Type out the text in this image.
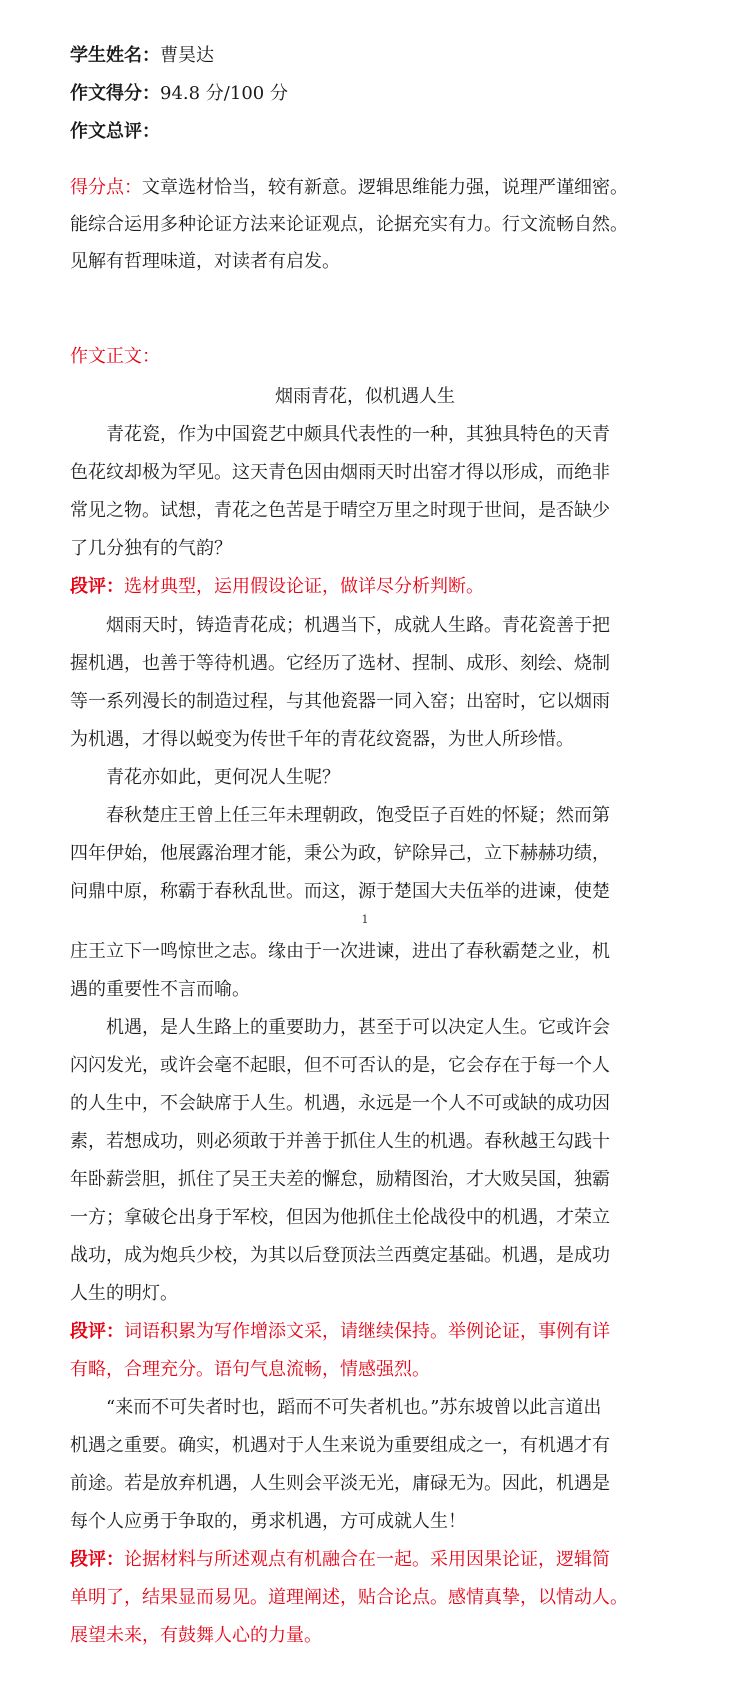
学生姓名：曹昊达
作文得分：94.8 分/100 分
作文总评：
得分点：文章选材恰当，较有新意。逻辑思维能力强，说理严谨细密。
能综合运用多种论证方法来论证观点，论据充实有力。行文流畅自然。
见解有哲理味道，对读者有启发。
作文正文：
烟雨青花，似机遇人生
青花瓷，作为中国瓷艺中颇具代表性的一种，其独具特色的天青
色花纹却极为罕见。这天青色因由烟雨天时出窑才得以形成，而绝非
常见之物。试想，青花之色苦是于晴空万里之时现于世间，是否缺少
了几分独有的气韵？
段评：选材典型，运用假设论证，做详尽分析判断。
烟雨天时，铸造青花成；机遇当下，成就人生路。青花瓷善于把
握机遇，也善于等待机遇。它经历了选材、捏制、成形、刻绘、烧制
等一系列漫长的制造过程，与其他瓷器一同入窑；出窑时，它以烟雨
为机遇，才得以蜕变为传世千年的青花纹瓷器，为世人所珍惜。
青花亦如此，更何况人生呢？
春秋楚庄王曾上任三年未理朝政，饱受臣子百姓的怀疑；然而第
四年伊始，他展露治理才能，秉公为政，铲除异己，立下赫赫功绩，
问鼎中原，称霸于春秋乱世。而这，源于楚国大夫伍举的进谏，使楚
1
庄王立下一鸣惊世之志。缘由于一次进谏，进出了春秋霸楚之业，机
遇的重要性不言而喻。
机遇，是人生路上的重要助力，甚至于可以决定人生。它或许会
闪闪发光，或许会毫不起眼，但不可否认的是，它会存在于每一个人
的人生中，不会缺席于人生。机遇，永远是一个人不可或缺的成功因
素，若想成功，则必须敢于并善于抓住人生的机遇。春秋越王勾践十
年卧薪尝胆，抓住了吴王夫差的懈怠，励精图治，才大败吴国，独霸
一方；拿破仑出身于军校，但因为他抓住土伦战役中的机遇，才荣立
战功，成为炮兵少校，为其以后登顶法兰西奠定基础。机遇，是成功
人生的明灯。
段评：词语积累为写作增添文采，请继续保持。举例论证，事例有详
有略，合理充分。语句气息流畅，情感强烈。
“来而不可失者时也，蹈而不可失者机也。”苏东坡曾以此言道出
机遇之重要。确实，机遇对于人生来说为重要组成之一，有机遇才有
前途。若是放弃机遇，人生则会平淡无光，庸碌无为。因此，机遇是
每个人应勇于争取的，勇求机遇，方可成就人生！
段评：论据材料与所述观点有机融合在一起。采用因果论证，逻辑简
单明了，结果显而易见。道理阐述，贴合论点。感情真挚，以情动人。
展望未来，有鼓舞人心的力量。
